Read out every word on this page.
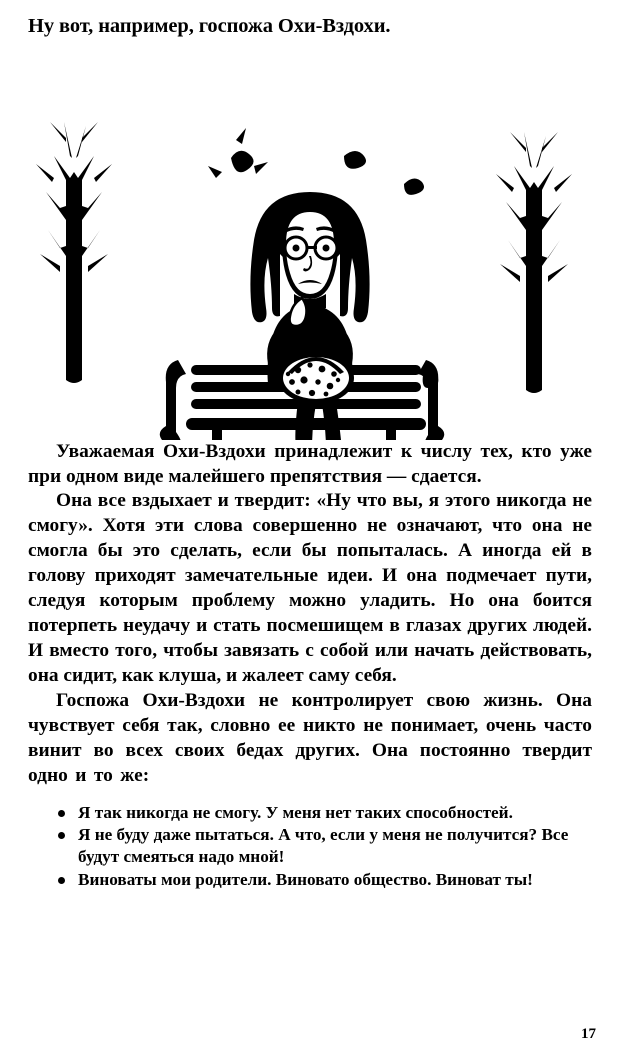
Ну вот, например, госпожа Охи-Вздохи.

Уважаемая Охи-Вздохи принадлежит к числу тех, кто уже при одном виде малейшего препятствия — сдается.

Она все вздыхает и твердит: «Ну что вы, я этого никогда не смогу». Хотя эти слова совершенно не означают, что она не смогла бы это сделать, если бы попыталась. А иногда ей в голову приходят замечательные идеи. И она подмечает пути, следуя которым проблему можно уладить. Но она боится потерпеть неудачу и стать посмешищем в глазах других людей. И вместо того, чтобы завязать с собой или начать действовать, она сидит, как клуша, и жалеет саму себя.

Госпожа Охи-Вздохи не контролирует свою жизнь. Она чувствует себя так, словно ее никто не понимает, очень часто винит во всех своих бедах других. Она постоянно твердит одно и то же:

Я так никогда не смогу. У меня нет таких способностей.
Я не буду даже пытаться. А что, если у меня не получится? Все будут смеяться надо мной!
Виноваты мои родители. Виновато общество. Виноват ты!
17
